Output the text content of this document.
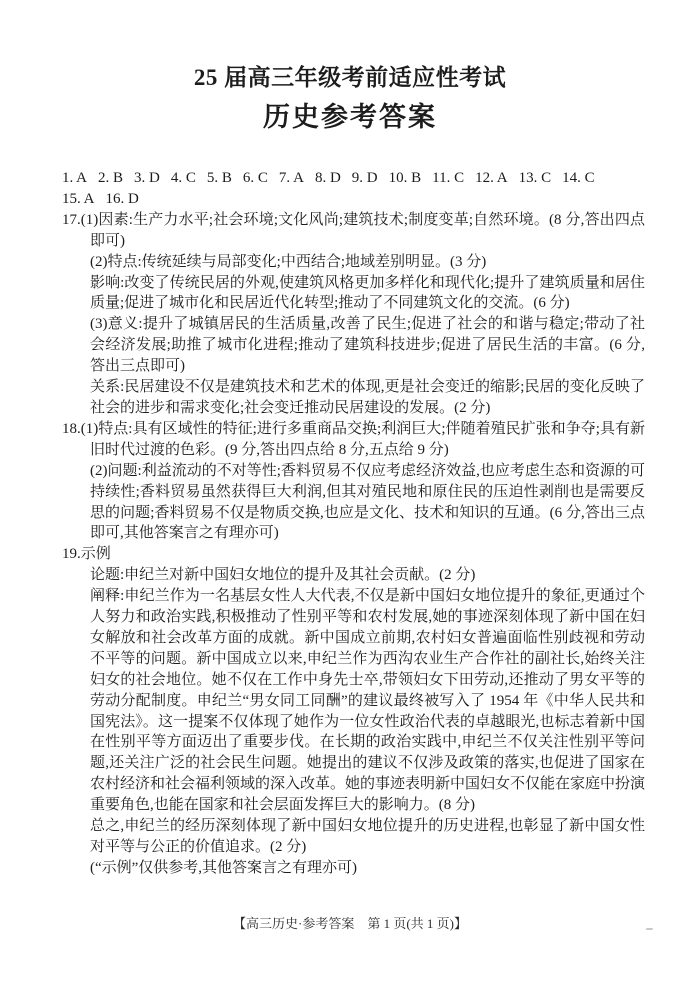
25 届高三年级考前适应性考试
历史参考答案
1. A 2. B 3. D 4. C 5. B 6. C 7. A 8. D 9. D 10. B 11. C 12. A 13. C 14. C
15. A 16. D

17.(1)因素:生产力水平;社会环境;文化风尚;建筑技术;制度变革;自然环境。(8 分,答出四点即可)

(2)特点:传统延续与局部变化;中西结合;地域差别明显。(3 分)

影响:改变了传统民居的外观,使建筑风格更加多样化和现代化;提升了建筑质量和居住质量;促进了城市化和民居近代化转型;推动了不同建筑文化的交流。(6 分)

(3)意义:提升了城镇居民的生活质量,改善了民生;促进了社会的和谐与稳定;带动了社会经济发展;助推了城市化进程;推动了建筑科技进步;促进了居民生活的丰富。(6 分,答出三点即可)

关系:民居建设不仅是建筑技术和艺术的体现,更是社会变迁的缩影;民居的变化反映了社会的进步和需求变化;社会变迁推动民居建设的发展。(2 分)

18.(1)特点:具有区域性的特征;进行多重商品交换;利润巨大;伴随着殖民扩张和争夺;具有新旧时代过渡的色彩。(9 分,答出四点给 8 分,五点给 9 分)

(2)问题:利益流动的不对等性;香料贸易不仅应考虑经济效益,也应考虑生态和资源的可持续性;香料贸易虽然获得巨大利润,但其对殖民地和原住民的压迫性剥削也是需要反思的问题;香料贸易不仅是物质交换,也应是文化、技术和知识的互通。(6 分,答出三点即可,其他答案言之有理亦可)

19.示例

论题:申纪兰对新中国妇女地位的提升及其社会贡献。(2 分)

阐释:申纪兰作为一名基层女性人大代表,不仅是新中国妇女地位提升的象征,更通过个人努力和政治实践,积极推动了性别平等和农村发展,她的事迹深刻体现了新中国在妇女解放和社会改革方面的成就。新中国成立前期,农村妇女普遍面临性别歧视和劳动不平等的问题。新中国成立以来,申纪兰作为西沟农业生产合作社的副社长,始终关注妇女的社会地位。她不仅在工作中身先士卒,带领妇女下田劳动,还推动了男女平等的劳动分配制度。申纪兰“男女同工同酬”的建议最终被写入了 1954 年《中华人民共和国宪法》。这一提案不仅体现了她作为一位女性政治代表的卓越眼光,也标志着新中国在性别平等方面迈出了重要步伐。在长期的政治实践中,申纪兰不仅关注性别平等问题,还关注广泛的社会民生问题。她提出的建议不仅涉及政策的落实,也促进了国家在农村经济和社会福利领域的深入改革。她的事迹表明新中国妇女不仅能在家庭中扮演重要角色,也能在国家和社会层面发挥巨大的影响力。(8 分)

总之,申纪兰的经历深刻体现了新中国妇女地位提升的历史进程,也彰显了新中国女性对平等与公正的价值追求。(2 分)

(“示例”仅供参考,其他答案言之有理亦可)

【高三历史·参考答案　第 1 页(共 1 页)】
